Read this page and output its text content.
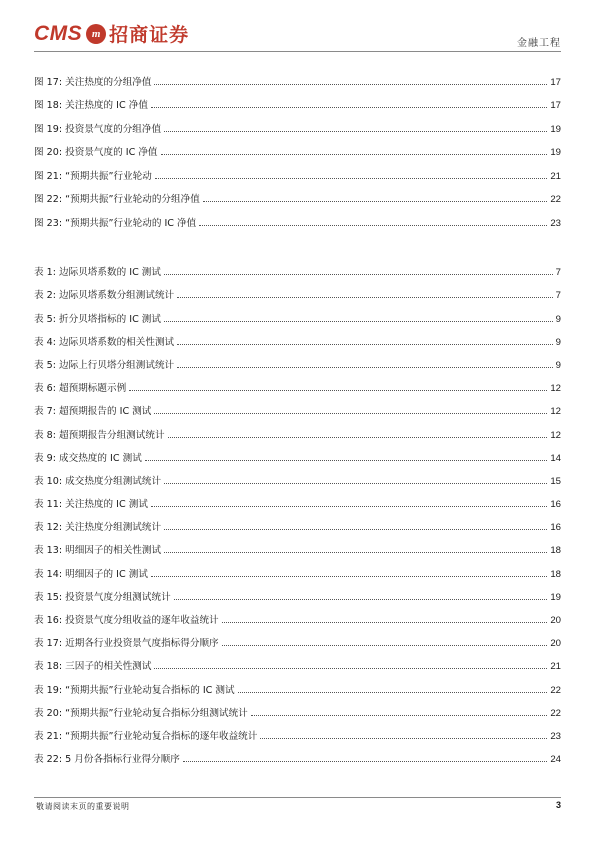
CMS m 招商证券	金融工程
图 17: 关注热度的分组净值	17
图 18: 关注热度的 IC 净值	17
图 19: 投资景气度的分组净值	19
图 20: 投资景气度的 IC 净值	19
图 21: “预期共振”行业轮动	21
图 22: “预期共振”行业轮动的分组净值	22
图 23: “预期共振”行业轮动的 IC 净值	23
表 1: 边际贝塔系数的 IC 测试	7
表 2: 边际贝塔系数分组测试统计	7
表 5: 折分贝塔指标的 IC 测试	9
表 4: 边际贝塔系数的相关性测试	9
表 5: 边际上行贝塔分组测试统计	9
表 6: 超预期标题示例	12
表 7: 超预期报告的 IC 测试	12
表 8: 超预期报告分组测试统计	12
表 9: 成交热度的 IC 测试	14
表 10: 成交热度分组测试统计	15
表 11: 关注热度的 IC 测试	16
表 12: 关注热度分组测试统计	16
表 13: 明细因子的相关性测试	18
表 14: 明细因子的 IC 测试	18
表 15: 投资景气度分组测试统计	19
表 16: 投资景气度分组收益的逐年收益统计	20
表 17: 近期各行业投资景气度指标得分顺序	20
表 18: 三因子的相关性测试	21
表 19: “预期共振”行业轮动复合指标的 IC 测试	22
表 20: “预期共振”行业轮动复合指标分组测试统计	22
表 21: “预期共振”行业轮动复合指标的逐年收益统计	23
表 22: 5 月份各指标行业得分顺序	24
敬请阅读末页的重要说明	3
